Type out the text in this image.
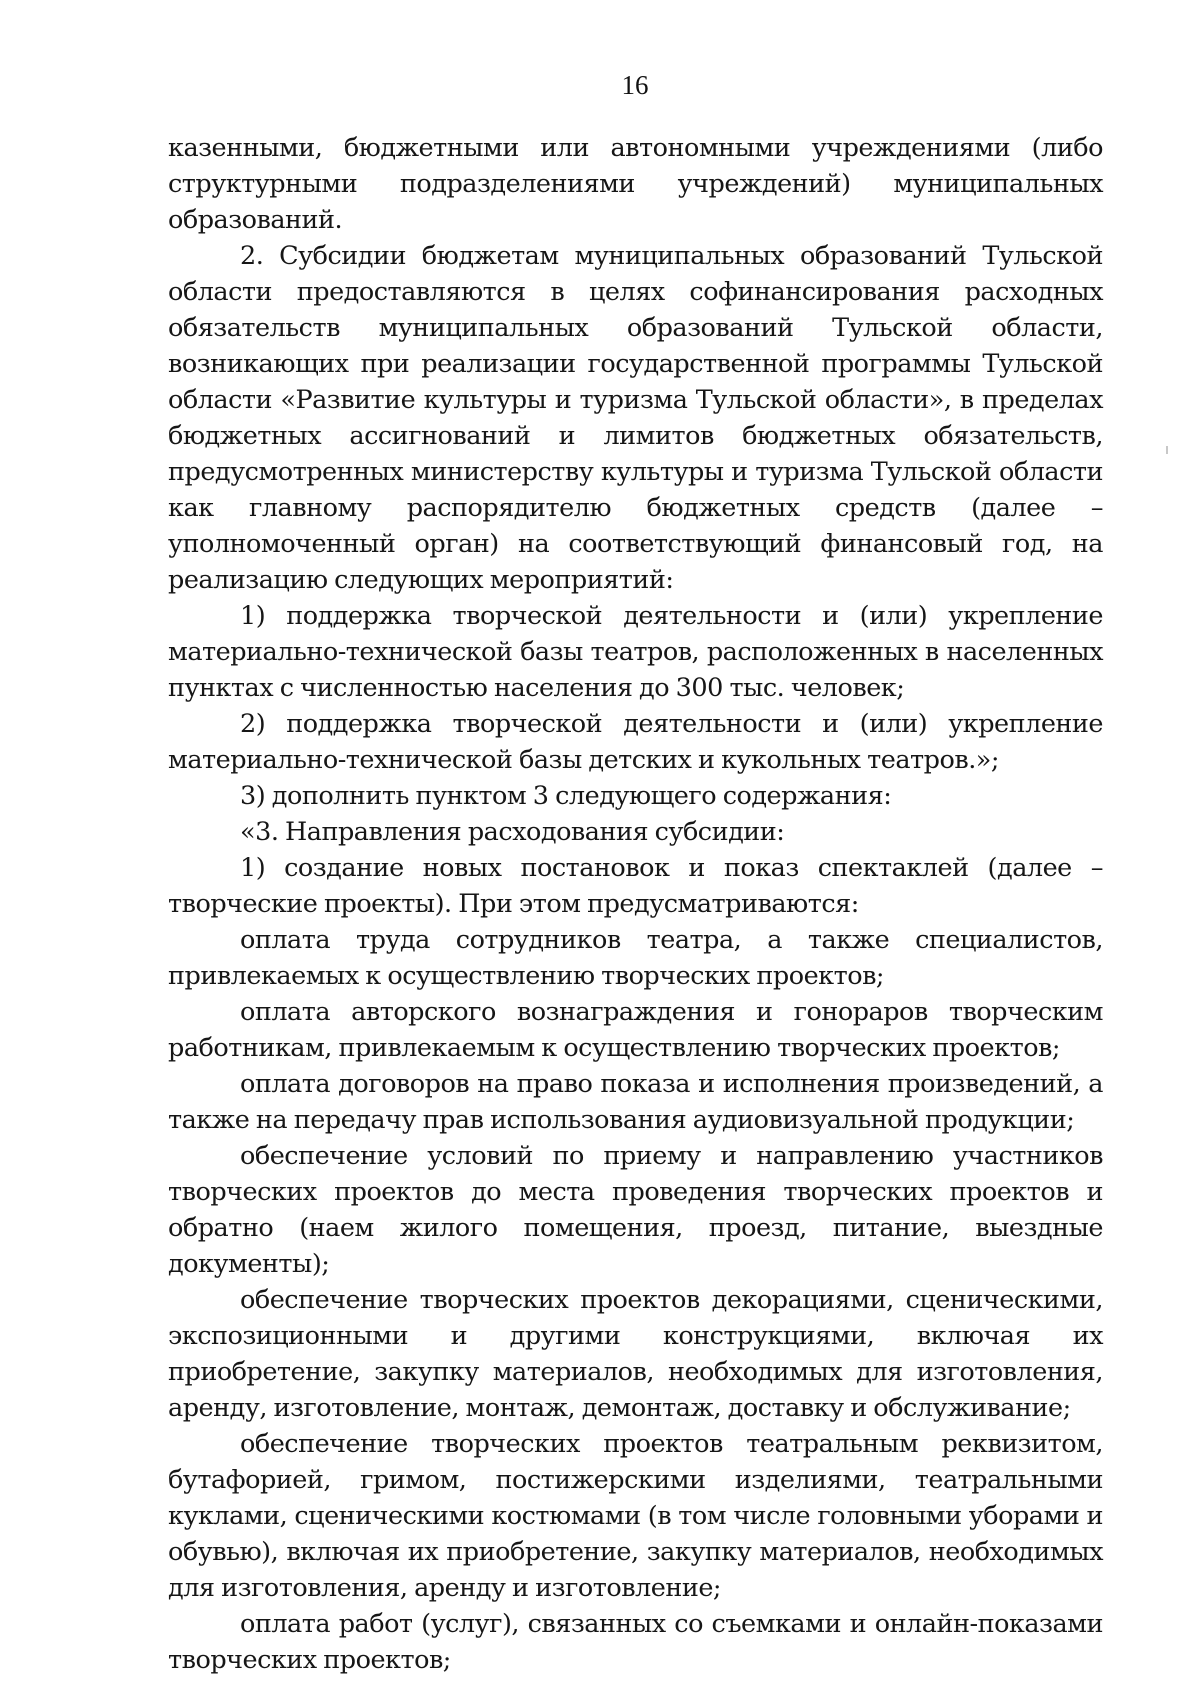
16

казенными, бюджетными или автономными учреждениями (либо структурными подразделениями учреждений) муниципальных образований.

2. Субсидии бюджетам муниципальных образований Тульской области предоставляются в целях софинансирования расходных обязательств муниципальных образований Тульской области, возникающих при реализации государственной программы Тульской области «Развитие культуры и туризма Тульской области», в пределах бюджетных ассигнований и лимитов бюджетных обязательств, предусмотренных министерству культуры и туризма Тульской области как главному распорядителю бюджетных средств (далее – уполномоченный орган) на соответствующий финансовый год, на реализацию следующих мероприятий:

1) поддержка творческой деятельности и (или) укрепление материально-технической базы театров, расположенных в населенных пунктах с численностью населения до 300 тыс. человек;

2) поддержка творческой деятельности и (или) укрепление материально-технической базы детских и кукольных театров.»;

3) дополнить пунктом 3 следующего содержания:

«3. Направления расходования субсидии:

1) создание новых постановок и показ спектаклей (далее – творческие проекты). При этом предусматриваются:

оплата труда сотрудников театра, а также специалистов, привлекаемых к осуществлению творческих проектов;

оплата авторского вознаграждения и гонораров творческим работникам, привлекаемым к осуществлению творческих проектов;

оплата договоров на право показа и исполнения произведений, а также на передачу прав использования аудиовизуальной продукции;

обеспечение условий по приему и направлению участников творческих проектов до места проведения творческих проектов и обратно (наем жилого помещения, проезд, питание, выездные документы);

обеспечение творческих проектов декорациями, сценическими, экспозиционными и другими конструкциями, включая их приобретение, закупку материалов, необходимых для изготовления, аренду, изготовление, монтаж, демонтаж, доставку и обслуживание;

обеспечение творческих проектов театральным реквизитом, бутафорией, гримом, постижерскими изделиями, театральными куклами, сценическими костюмами (в том числе головными уборами и обувью), включая их приобретение, закупку материалов, необходимых для изготовления, аренду и изготовление;

оплата работ (услуг), связанных со съемками и онлайн-показами творческих проектов;
